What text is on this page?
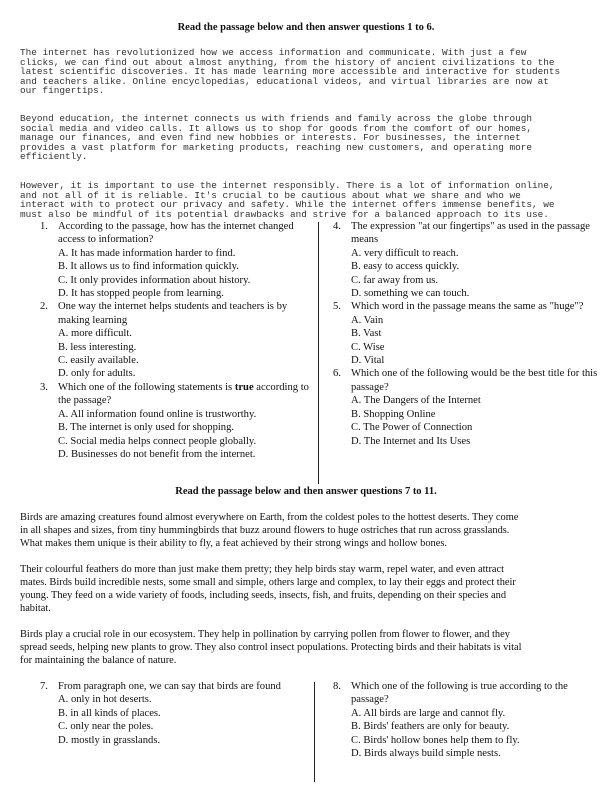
Read the passage below and then answer questions 1 to 6.
The internet has revolutionized how we access information and communicate. With just a few
clicks, we can find out about almost anything, from the history of ancient civilizations to the
latest scientific discoveries. It has made learning more accessible and interactive for students
and teachers alike. Online encyclopedias, educational videos, and virtual libraries are now at
our fingertips.
Beyond education, the internet connects us with friends and family across the globe through
social media and video calls. It allows us to shop for goods from the comfort of our homes,
manage our finances, and even find new hobbies or interests. For businesses, the internet
provides a vast platform for marketing products, reaching new customers, and operating more
efficiently.
However, it is important to use the internet responsibly. There is a lot of information online,
and not all of it is reliable. It's crucial to be cautious about what we share and who we
interact with to protect our privacy and safety. While the internet offers immense benefits, we
must also be mindful of its potential drawbacks and strive for a balanced approach to its use.
1. According to the passage, how has the internet changed access to information?
A. It has made information harder to find.
B. It allows us to find information quickly.
C. It only provides information about history.
D. It has stopped people from learning.
2. One way the internet helps students and teachers is by making learning
A. more difficult.
B. less interesting.
C. easily available.
D. only for adults.
3. Which one of the following statements is true according to the passage?
A. All information found online is trustworthy.
B. The internet is only used for shopping.
C. Social media helps connect people globally.
D. Businesses do not benefit from the internet.
4. The expression "at our fingertips" as used in the passage means
A. very difficult to reach.
B. easy to access quickly.
C. far away from us.
D. something we can touch.
5. Which word in the passage means the same as "huge"?
A. Vain
B. Vast
C. Wise
D. Vital
6. Which one of the following would be the best title for this passage?
A. The Dangers of the Internet
B. Shopping Online
C. The Power of Connection
D. The Internet and Its Uses
Read the passage below and then answer questions 7 to 11.
Birds are amazing creatures found almost everywhere on Earth, from the coldest poles to the hottest deserts. They come
in all shapes and sizes, from tiny hummingbirds that buzz around flowers to huge ostriches that run across grasslands.
What makes them unique is their ability to fly, a feat achieved by their strong wings and hollow bones.
Their colourful feathers do more than just make them pretty; they help birds stay warm, repel water, and even attract
mates. Birds build incredible nests, some small and simple, others large and complex, to lay their eggs and protect their
young. They feed on a wide variety of foods, including seeds, insects, fish, and fruits, depending on their species and
habitat.
Birds play a crucial role in our ecosystem. They help in pollination by carrying pollen from flower to flower, and they
spread seeds, helping new plants to grow. They also control insect populations. Protecting birds and their habitats is vital
for maintaining the balance of nature.
7. From paragraph one, we can say that birds are found
A. only in hot deserts.
B. in all kinds of places.
C. only near the poles.
D. mostly in grasslands.
8. Which one of the following is true according to the passage?
A. All birds are large and cannot fly.
B. Birds' feathers are only for beauty.
C. Birds' hollow bones help them to fly.
D. Birds always build simple nests.
